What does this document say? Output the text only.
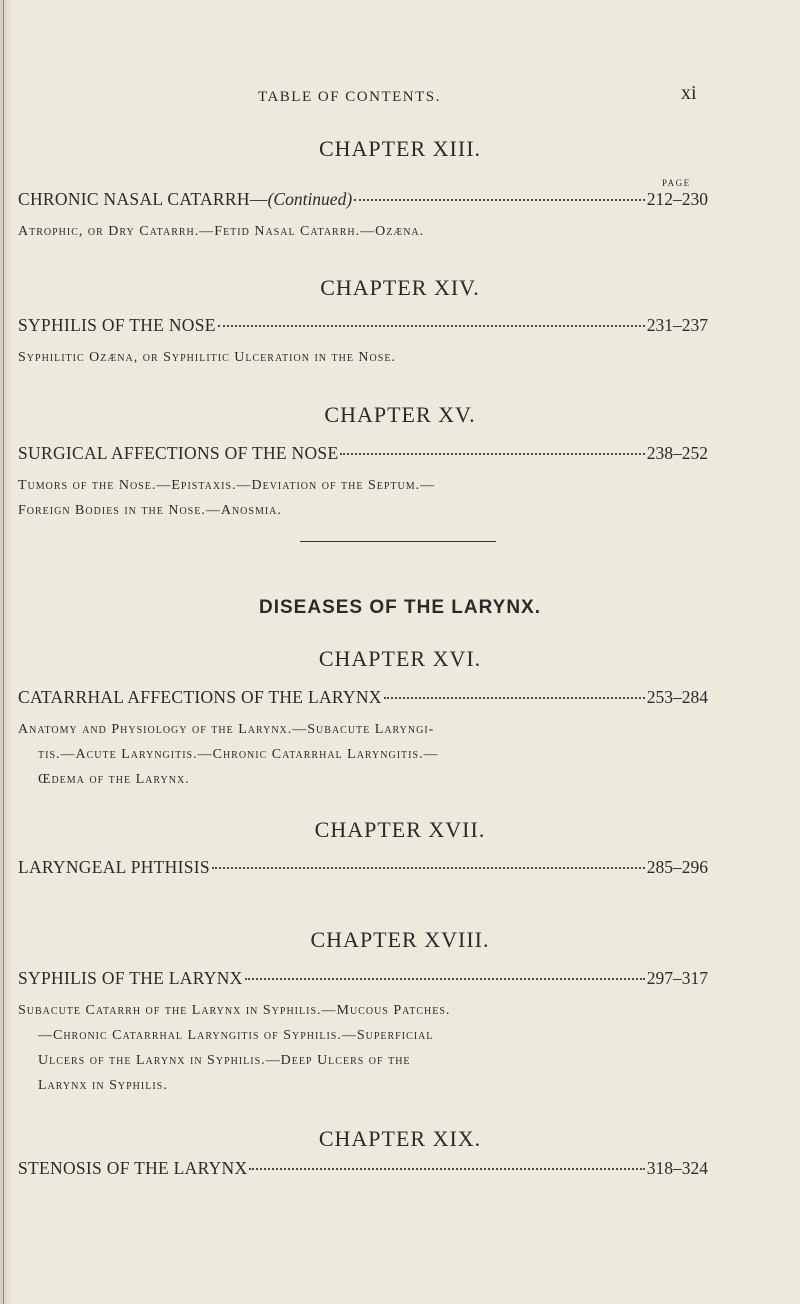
TABLE OF CONTENTS.	xi
CHAPTER XIII.
PAGE
CHRONIC NASAL CATARRH—(Continued)	212–230
Atrophic, or Dry Catarrh.—Fetid Nasal Catarrh.—Ozæna.
CHAPTER XIV.
SYPHILIS OF THE NOSE	231–237
Syphilitic Ozæna, or Syphilitic Ulceration in the Nose.
CHAPTER XV.
SURGICAL AFFECTIONS OF THE NOSE	238–252
Tumors of the Nose.—Epistaxis.—Deviation of the Septum.—
Foreign Bodies in the Nose.—Anosmia.
DISEASES OF THE LARYNX.
CHAPTER XVI.
CATARRHAL AFFECTIONS OF THE LARYNX	253–284
Anatomy and Physiology of the Larynx.—Subacute Laryngi-
tis.—Acute Laryngitis.—Chronic Catarrhal Laryngitis.—
Œdema of the Larynx.
CHAPTER XVII.
LARYNGEAL PHTHISIS	285–296
CHAPTER XVIII.
SYPHILIS OF THE LARYNX	297–317
Subacute Catarrh of the Larynx in Syphilis.—Mucous Patches.
—Chronic Catarrhal Laryngitis of Syphilis.—Superficial
Ulcers of the Larynx in Syphilis.—Deep Ulcers of the
Larynx in Syphilis.
CHAPTER XIX.
STENOSIS OF THE LARYNX	318–324
